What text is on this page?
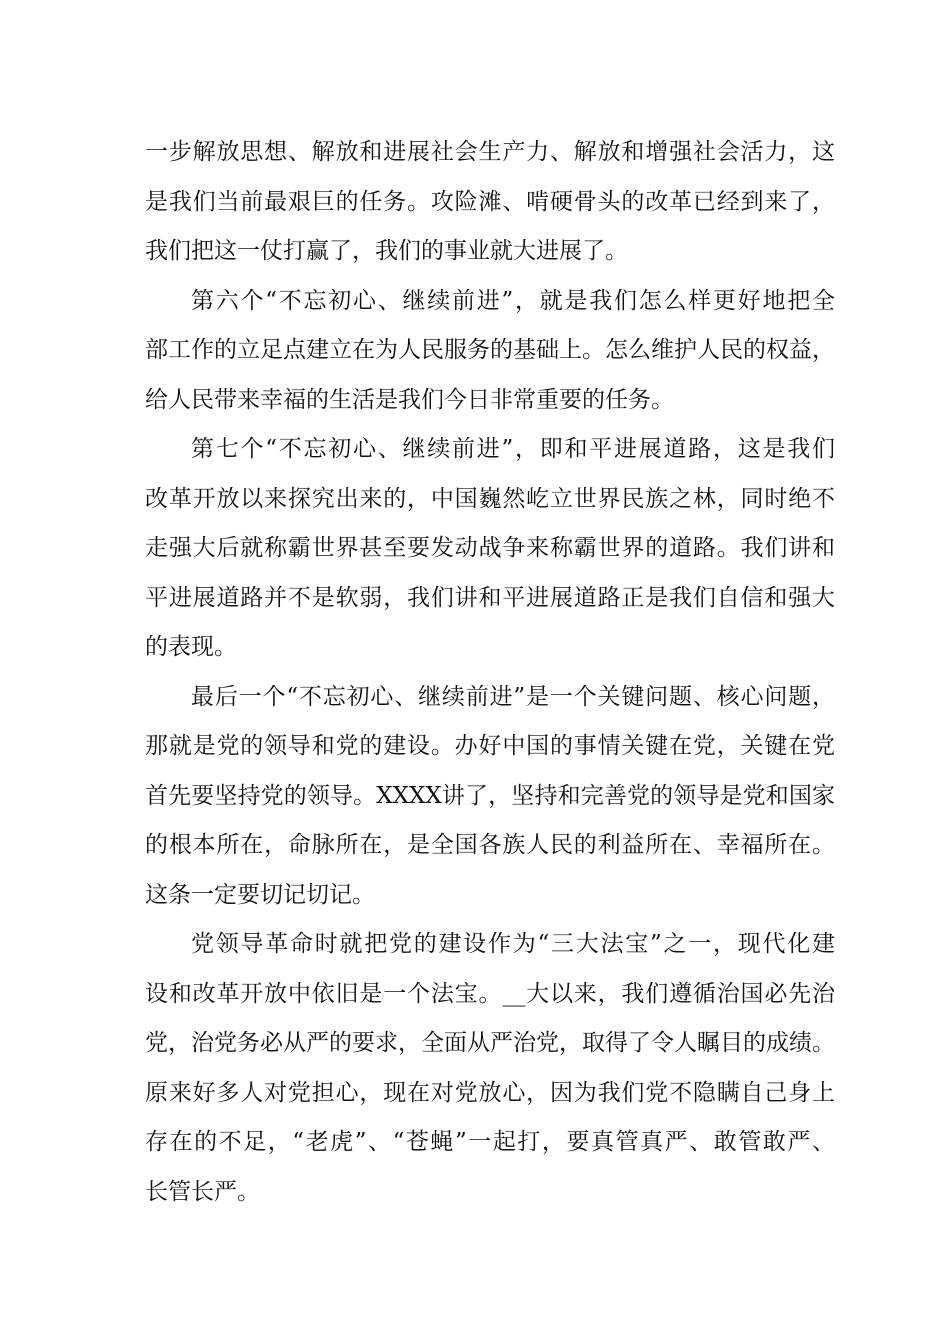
一步解放思想、解放和进展社会生产力、解放和增强社会活力，这
是我们当前最艰巨的任务。攻险滩、啃硬骨头的改革已经到来了，
我们把这一仗打赢了，我们的事业就大进展了。
第六个“不忘初心、继续前进”，就是我们怎么样更好地把全
部工作的立足点建立在为人民服务的基础上。怎么维护人民的权益，
给人民带来幸福的生活是我们今日非常重要的任务。
第七个“不忘初心、继续前进”，即和平进展道路，这是我们
改革开放以来探究出来的，中国巍然屹立世界民族之林，同时绝不
走强大后就称霸世界甚至要发动战争来称霸世界的道路。我们讲和
平进展道路并不是软弱，我们讲和平进展道路正是我们自信和强大
的表现。
最后一个“不忘初心、继续前进”是一个关键问题、核心问题，
那就是党的领导和党的建设。办好中国的事情关键在党，关键在党
首先要坚持党的领导。XXXX讲了，坚持和完善党的领导是党和国家
的根本所在，命脉所在，是全国各族人民的利益所在、幸福所在。
这条一定要切记切记。
党领导革命时就把党的建设作为“三大法宝”之一，现代化建
设和改革开放中依旧是一个法宝。__大以来，我们遵循治国必先治
党，治党务必从严的要求，全面从严治党，取得了令人瞩目的成绩。
原来好多人对党担心，现在对党放心，因为我们党不隐瞒自己身上
存在的不足，“老虎”、“苍蝇”一起打，要真管真严、敢管敢严、
长管长严。
